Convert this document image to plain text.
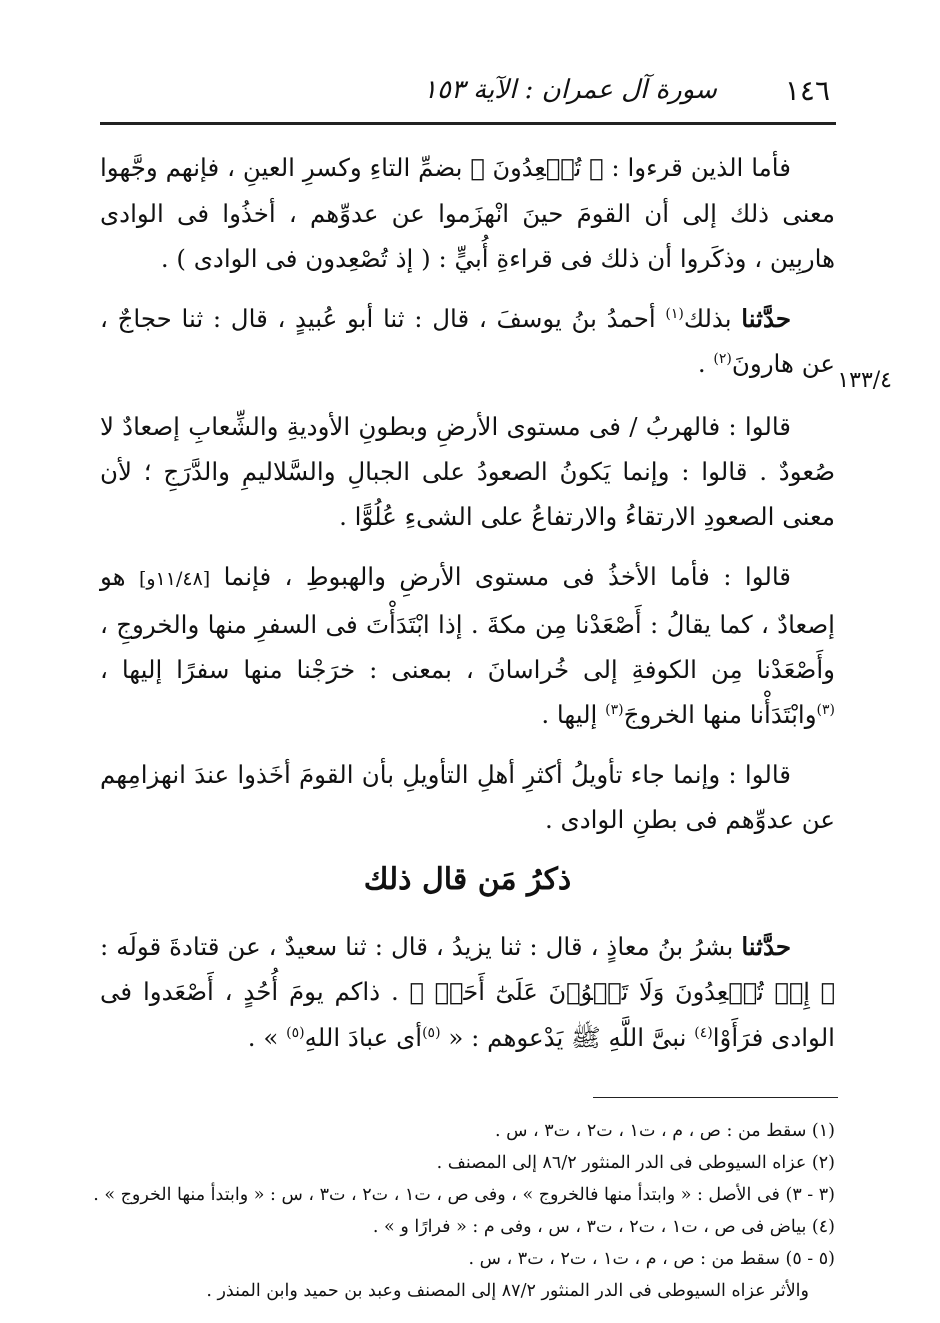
١٤٦
سورة آل عمران : الآية ١٥٣
١٣٣/٤

فأما الذين قرءوا : ﴿ تُصۡعِدُونَ ﴾ بضمِّ التاءِ وكسرِ العينِ ، فإنهم وجَّهوا معنى ذلك إلى أن القومَ حينَ انْهزَموا عن عدوِّهم ، أخذُوا فى الوادى هاربِين ، وذكَروا أن ذلك فى قراءةِ أُبيٍّ : ( إذ تُصْعِدون فى الوادى ) .

حدَّثنا بذلك$^{(١)}$ أحمدُ بنُ يوسفَ ، قال : ثنا أبو عُبيدٍ ، قال : ثنا حجاجٌ ، عن هارونَ$^{(٢)}$ .

قالوا : فالهربُ / فى مستوى الأرضِ وبطونِ الأوديةِ والشِّعابِ إصعادٌ لا صُعودٌ . قالوا : وإنما يَكونُ الصعودُ على الجبالِ والسَّلاليمِ والدَّرَجِ ؛ لأن معنى الصعودِ الارتقاءُ والارتفاعُ على الشىءِ عُلُوًّا .

قالوا : فأما الأخذُ فى مستوى الأرضِ والهبوطِ ، فإنما [١١/٤٨و] هو إصعادٌ ، كما يقالُ : أَصْعَدْنا مِن مكةَ . إذا ابْتَدَأْتَ فى السفرِ منها والخروجِ ، وأَصْعَدْنا مِن الكوفةِ إلى خُراسانَ ، بمعنى : خرَجْنا منها سفرًا إليها ، $^{(٣)}$وابْتَدَأْنا منها الخروجَ$^{(٣)}$ إليها .

قالوا : وإنما جاء تأويلُ أكثرِ أهلِ التأويلِ بأن القومَ أخَذوا عندَ انهزامِهم عن عدوِّهم فى بطنِ الوادى .

ذكرُ مَن قال ذلك

حدَّثنا بشرُ بنُ معاذٍ ، قال : ثنا يزيدُ ، قال : ثنا سعيدٌ ، عن قتادةَ قولَه : ﴿ إِذۡ تُصۡعِدُونَ وَلَا تَلۡوُۥنَ عَلَىٰٓ أَحَدٖ ﴾ . ذاكم يومَ أُحُدٍ ، أَصْعَدوا فى الوادى فرَأَوْا$^{(٤)}$ نبىَّ اللَّهِ ﷺ يَدْعوهم : « $^{(٥)}$أى عبادَ اللهِ$^{(٥)}$ » .

(١) سقط من : ص ، م ، ت١ ، ت٢ ، ت٣ ، س .

(٢) عزاه السيوطى فى الدر المنثور ٨٦/٢ إلى المصنف .

(٣ - ٣) فى الأصل : « وابتدأ منها فالخروج » ، وفى ص ، ت١ ، ت٢ ، ت٣ ، س : « وابتدأ منها الخروج » .

(٤) بياض فى ص ، ت١ ، ت٢ ، ت٣ ، س ، وفى م : « فرارًا و » .

(٥ - ٥) سقط من : ص ، م ، ت١ ، ت٢ ، ت٣ ، س .

والأثر عزاه السيوطى فى الدر المنثور ٨٧/٢ إلى المصنف وعبد بن حميد وابن المنذر .
